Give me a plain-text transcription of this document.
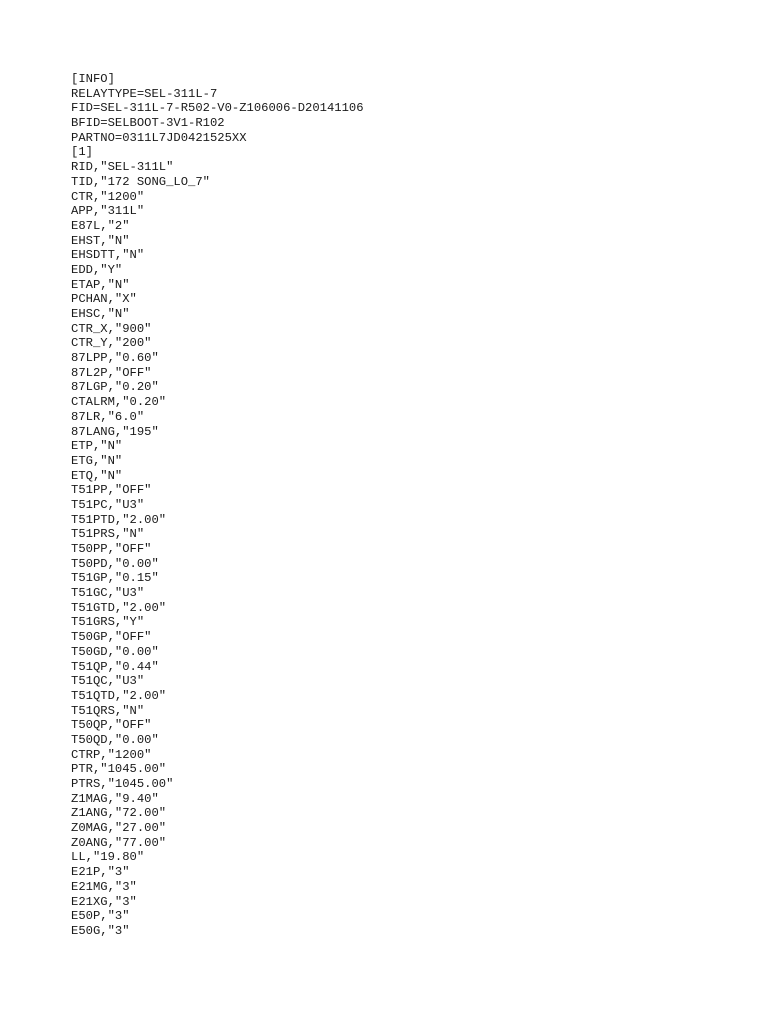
[INFO]
RELAYTYPE=SEL-311L-7
FID=SEL-311L-7-R502-V0-Z106006-D20141106
BFID=SELBOOT-3V1-R102
PARTNO=0311L7JD0421525XX
[1]
RID,"SEL-311L"
TID,"172 SONG_LO_7"
CTR,"1200"
APP,"311L"
E87L,"2"
EHST,"N"
EHSDTT,"N"
EDD,"Y"
ETAP,"N"
PCHAN,"X"
EHSC,"N"
CTR_X,"900"
CTR_Y,"200"
87LPP,"0.60"
87L2P,"OFF"
87LGP,"0.20"
CTALRM,"0.20"
87LR,"6.0"
87LANG,"195"
ETP,"N"
ETG,"N"
ETQ,"N"
T51PP,"OFF"
T51PC,"U3"
T51PTD,"2.00"
T51PRS,"N"
T50PP,"OFF"
T50PD,"0.00"
T51GP,"0.15"
T51GC,"U3"
T51GTD,"2.00"
T51GRS,"Y"
T50GP,"OFF"
T50GD,"0.00"
T51QP,"0.44"
T51QC,"U3"
T51QTD,"2.00"
T51QRS,"N"
T50QP,"OFF"
T50QD,"0.00"
CTRP,"1200"
PTR,"1045.00"
PTRS,"1045.00"
Z1MAG,"9.40"
Z1ANG,"72.00"
Z0MAG,"27.00"
Z0ANG,"77.00"
LL,"19.80"
E21P,"3"
E21MG,"3"
E21XG,"3"
E50P,"3"
E50G,"3"
